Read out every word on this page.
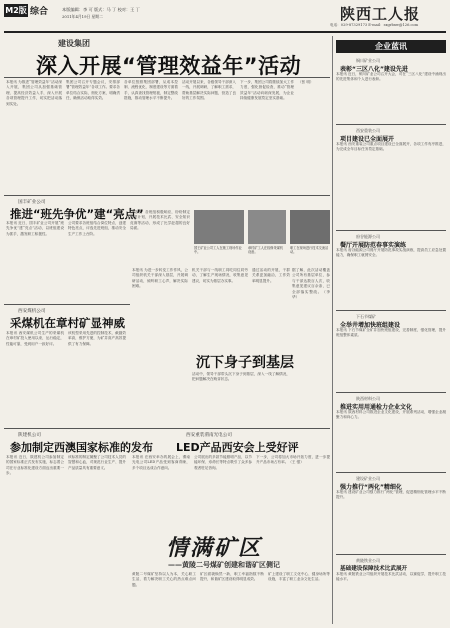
M2版 综合	本版编辑：李 可 版式：马 丁 校对：王 丁
2011年4月19日 星期二	陕西工人报
电话：029-87329173 E-mail：sxgrbxw@126.com
建设集团
深入开展“管理效益年”活动
本报讯 为推进“管理效益年”活动深入开展，集团公司从加强基础管理、提高经济效益入手，深入开展各项管理提升工作，切实把活动落到实处。
集团公司召开专题会议，安排部署“管理效益年”各项工作。要求各单位结合实际，细化方案，明确责任，确保活动取得实效。
各单位按照集团部署，从成本控制、流程优化、制度建设等方面着手，认真查找管理短板，制定整改措施，推动管理水平不断提升。
活动开展以来，各级领导干部深入一线，开展调研，了解职工需求，帮助基层解决实际问题，营造了良好的工作氛围。
下一步，集团公司将继续加大工作力度，强化督促检查，推动“管理效益年”活动向纵深发展，为企业持续健康发展奠定坚实基础。
（张 明）
国丰矿业公司
推进“班先争优”建“亮点”
本报讯 近日，国丰矿业公司开展“班先争优”建“亮点”活动，以班组建设为抓手，激发职工积极性。
公司要求各班组结合岗位特点，创建特色亮点，评选先进班组，推动安全生产工作上台阶。
活动中，各班组积极响应，纷纷制定创建计划，开展技术比武、安全知识竞赛等活动，形成了比学赶超的良好局面。
国王矿业公司工人在施工现场作业中。
章村矿工人在检修采煤机设备。
职工在现场进行技术交流活动。
西安煤机公司
采煤机在章村矿显神威
本报讯 西安煤机公司生产的采煤机在章村矿投入使用以来，运行稳定，性能可靠，受到用户一致好评。
该机型采用先进的控制技术，截割效率高，维护方便，为矿井高产高效提供了有力保障。
本报讯 为进一步转变工作作风，公司组织机关干部深入基层，开展调研活动，倾听职工心声，解决实际困难。
机关干部与一线职工同吃同住同劳动，了解生产现场情况，收集意见建议，切实为基层办实事。
通过活动的开展，干群关系更加融洽，工作效率明显提升。
据了解，此次活动覆盖公司所有基层单位，参与干部达数百人次，收集意见建议百余条，已全部落实整改。（李 华）
沉下身子到基层
活动中，领导干部带头沉下身子到基层，深入一线了解情况，把问题解决在萌芽状态。
陕建机公司
参加制定西澳国家标准的发布
本报讯 近日，陕建机公司参加制定的国家标准正式发布实施，标志着公司在行业标准化建设方面迈出重要一步。
该标准的制定凝聚了公司技术人员的智慧和心血，对规范行业生产、提升产品质量具有重要意义。
西安重装渭南光电公司
LED产品西安会上受好评
本报讯 在西安举办的展会上，渭南光电公司LED产品受到客商青睐，多个项目达成合作意向。
公司展出的多款节能照明产品，以节能环保、寿命长等特点吸引了众多参观者驻足咨询。
下一步，公司将加大市场开拓力度，进一步提升产品市场占有率。（王 强）
情满矿区
——黄陵二号煤矿创建和谐矿区侧记
黄陵二号煤矿坚持以人为本，关心职工生活，着力解决职工关心的热点难点问题。
矿区面貌焕然一新，职工幸福指数不断提升，和谐矿区建设取得明显成效。
矿上建设了职工文化中心、健身场所等设施，丰富了职工业余文化生活。
企业蓝讯
铜川矿业公司
表彰“三区八化”建设先进
本报讯 近日，铜川矿业公司召开大会，对在“三区八化”建设中涌现出的先进集体和个人进行表彰。
西安重装公司
项目建设已全面展开
本报讯 西安重装公司重点项目建设已全面展开，各项工作有序推进，为完成全年目标任务奠定基础。
府谷能源公司
餐厅开展防范春事实演练
本报讯 府谷能源公司餐厅开展防范事故实战演练，提高员工应急处置能力，确保职工就餐安全。
下石节煤矿
全举井增加快班组建设
本报讯 下石节煤矿全矿井加快班组建设，完善制度，强化管理，提升班组整体素质。
陕西材料公司
推进实用用通检力企业文化
本报讯 陕西材料公司推进企业文化建设，开展系列活动，增强企业凝聚力和向心力。
建设矿业公司
强力推行“两化”精细化
本报讯 建设矿业公司强力推行“两化”管理，促进精细化管理水平不断提升。
黄陵铁业公司
基础建设保障技术比武展开
本报讯 黄陵铁业公司组织开展技术比武活动，以赛促学，提升职工技能水平。
